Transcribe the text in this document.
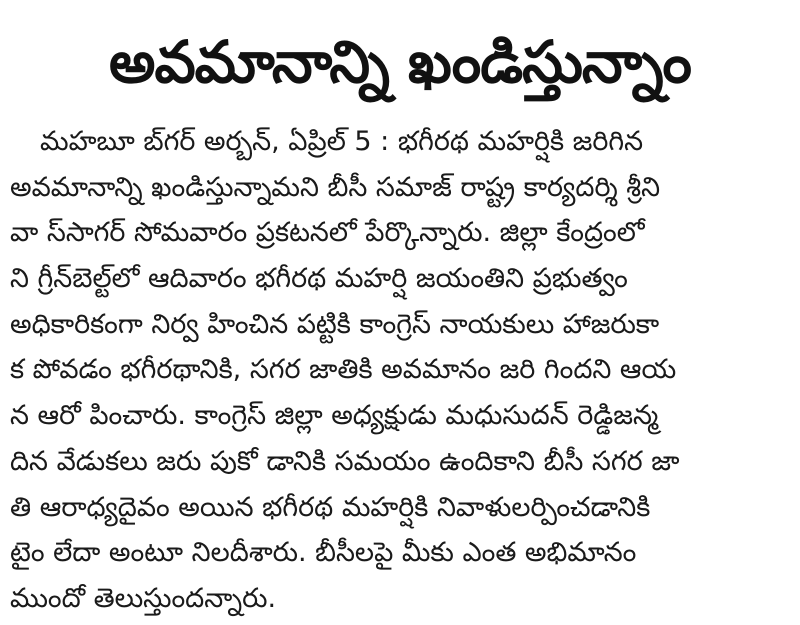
అవమానాన్ని ఖండిస్తున్నాం
మహబూ బ్‌గర్‌ అర్బన్‌, ఏప్రిల్‌ 5 : భగీరథ మహర్షికి జరిగిన
అవమానాన్ని ఖండిస్తున్నామని బీసీ సమాజ్‌ రాష్ట్ర కార్యదర్శి శ్రీని
వా స్‌సాగర్‌ సోమవారం ప్రకటనలో పేర్కొన్నారు. జిల్లా కేంద్రంలో
ని గ్రీన్‌బెల్ట్‌లో ఆదివారం భగీరథ మహర్షి జయంతిని ప్రభుత్వం
అధికారికంగా నిర్వ హించిన పట్టికి కాంగ్రెస్‌ నాయకులు హాజరుకా
క పోవడం భగీరథానికి, సగర జాతికి అవమానం జరి గిందని ఆయ
న ఆరో పించారు. కాంగ్రెస్‌ జిల్లా అధ్యక్షుడు మధుసుదన్‌ రెడ్డిజన్మ
దిన వేడుకలు జరు పుకో డానికి సమయం ఉందికాని బీసీ సగర జా
తి ఆరాధ్యదైవం అయిన భగీరథ మహర్షికి నివాళులర్పించడానికి
టైం లేదా అంటూ నిలదీశారు. బీసీలపై మీకు ఎంత అభిమానం
ముందో తెలుస్తుందన్నారు.
